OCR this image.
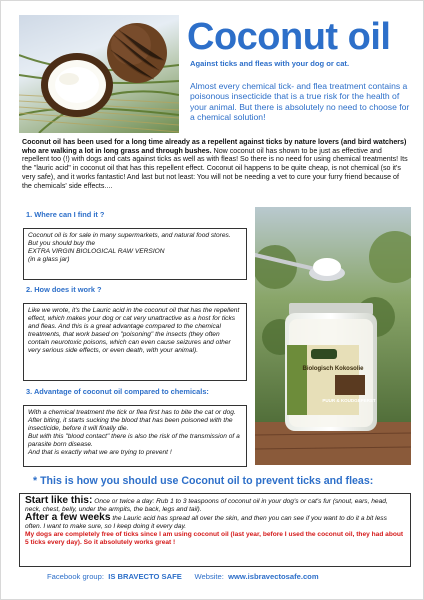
Coconut oil
Against ticks and fleas with your dog or cat.
Almost every chemical tick- and flea treatment contains a poisonous insecticide that is a true risk for the health of your animal. But there is absolutely no need to choose for a chemical solution!
Coconut oil has been used for a long time already as a repellent against ticks by nature lovers (and bird watchers) who are walking a lot in long grass and through bushes. Now coconut oil has shown to be just as effective and repellent too (!) with dogs and cats against ticks as well as with fleas! So there is no need for using chemical treatments! Its the "lauric acid" in coconut oil that has this repellent effect. Coconut oil happens to be quite cheap, is not chemical (so it's very safe), and it works fantastic! And last but not least: You will not be needing a vet to cure your furry friend because of the chemicals' side effects....
1. Where can I find it ?
Coconut oil is for sale in many supermarkets, and natural food stores. But you should buy the
EXTRA VIRGIN BIOLOGICAL RAW VERSION
(in a glass jar)
2. How does it work ?
Like we wrote, it's the Lauric acid in the coconut oil that has the repellent effect, which makes your dog or cat very unattractive as a host for ticks and fleas. And this is a great advantage compared to the chemical treatments, that work based on "poisoning" the insects (they often contain neurotoxic poisons, which can even cause seizures and other very serious side effects, or even death, with your animal).
3. Advantage of coconut oil compared to chemicals:
With a chemical treatment the tick or flea first has to bite the cat or dog. After biting, it starts sucking the blood that has been poisoned with the insecticide, before it will finally die.
But with this "blood contact" there is also the risk of the transmission of a parasite born disease.
And that is exactly what we are trying to prevent !
Biologisch Kokosolie
PUUR & KOUDGEPERST
* This is how you should use Coconut oil to prevent ticks and fleas:
Start like this: Once or twice a day: Rub 1 to 3 teaspoons of coconut oil in your dog's or cat's fur (snout, ears, head, neck, chest, belly, under the armpits, the back, legs and tail).
After a few weeks the Lauric acid has spread all over the skin, and then you can see if you want to do it a bit less often. I want to make sure, so I keep doing it every day.
My dogs are completely free of ticks since I am using coconut oil (last year, before I used the coconut oil, they had about 5 ticks every day). So it absolutely works great !
Facebook group: IS BRAVECTO SAFE Website: www.isbravectosafe.com
